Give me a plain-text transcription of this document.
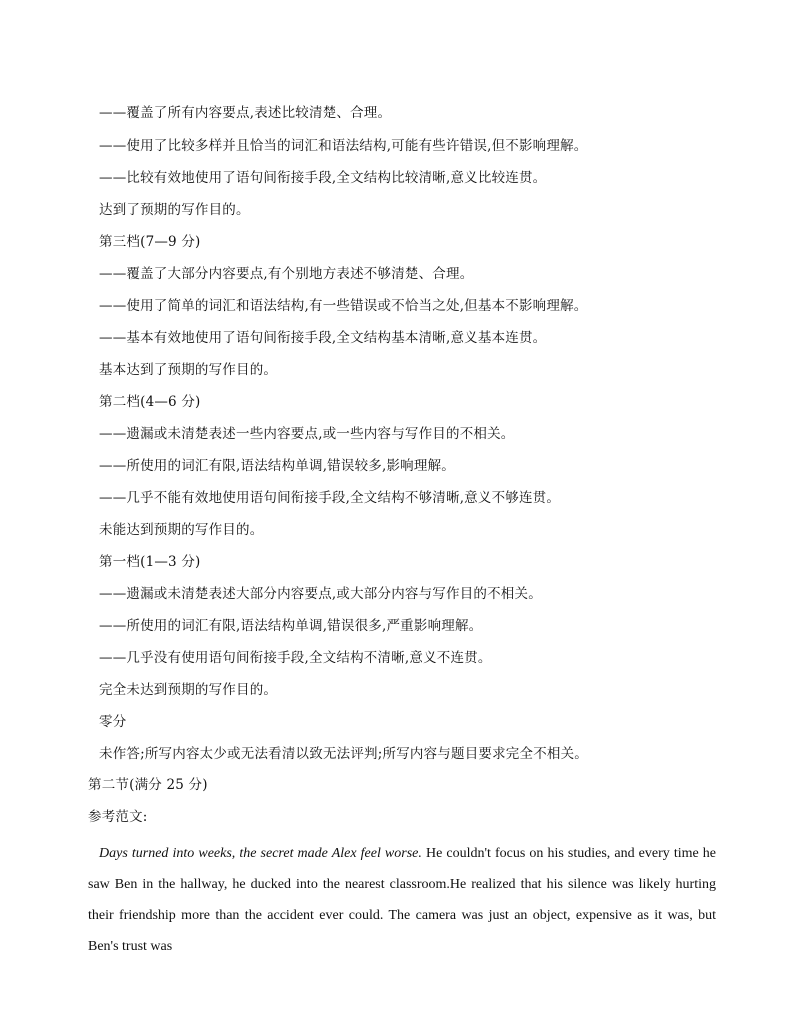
——覆盖了所有内容要点,表述比较清楚、合理。
——使用了比较多样并且恰当的词汇和语法结构,可能有些许错误,但不影响理解。
——比较有效地使用了语句间衔接手段,全文结构比较清晰,意义比较连贯。
达到了预期的写作目的。
第三档(7—9 分)
——覆盖了大部分内容要点,有个别地方表述不够清楚、合理。
——使用了简单的词汇和语法结构,有一些错误或不恰当之处,但基本不影响理解。
——基本有效地使用了语句间衔接手段,全文结构基本清晰,意义基本连贯。
基本达到了预期的写作目的。
第二档(4—6 分)
——遗漏或未清楚表述一些内容要点,或一些内容与写作目的不相关。
——所使用的词汇有限,语法结构单调,错误较多,影响理解。
——几乎不能有效地使用语句间衔接手段,全文结构不够清晰,意义不够连贯。
未能达到预期的写作目的。
第一档(1—3 分)
——遗漏或未清楚表述大部分内容要点,或大部分内容与写作目的不相关。
——所使用的词汇有限,语法结构单调,错误很多,严重影响理解。
——几乎没有使用语句间衔接手段,全文结构不清晰,意义不连贯。
完全未达到预期的写作目的。
零分
未作答;所写内容太少或无法看清以致无法评判;所写内容与题目要求完全不相关。
第二节(满分 25 分)
参考范文:
Days turned into weeks, the secret made Alex feel worse. He couldn't focus on his studies, and every time he saw Ben in the hallway, he ducked into the nearest classroom.He realized that his silence was likely hurting their friendship more than the accident ever could. The camera was just an object, expensive as it was, but Ben's trust was
